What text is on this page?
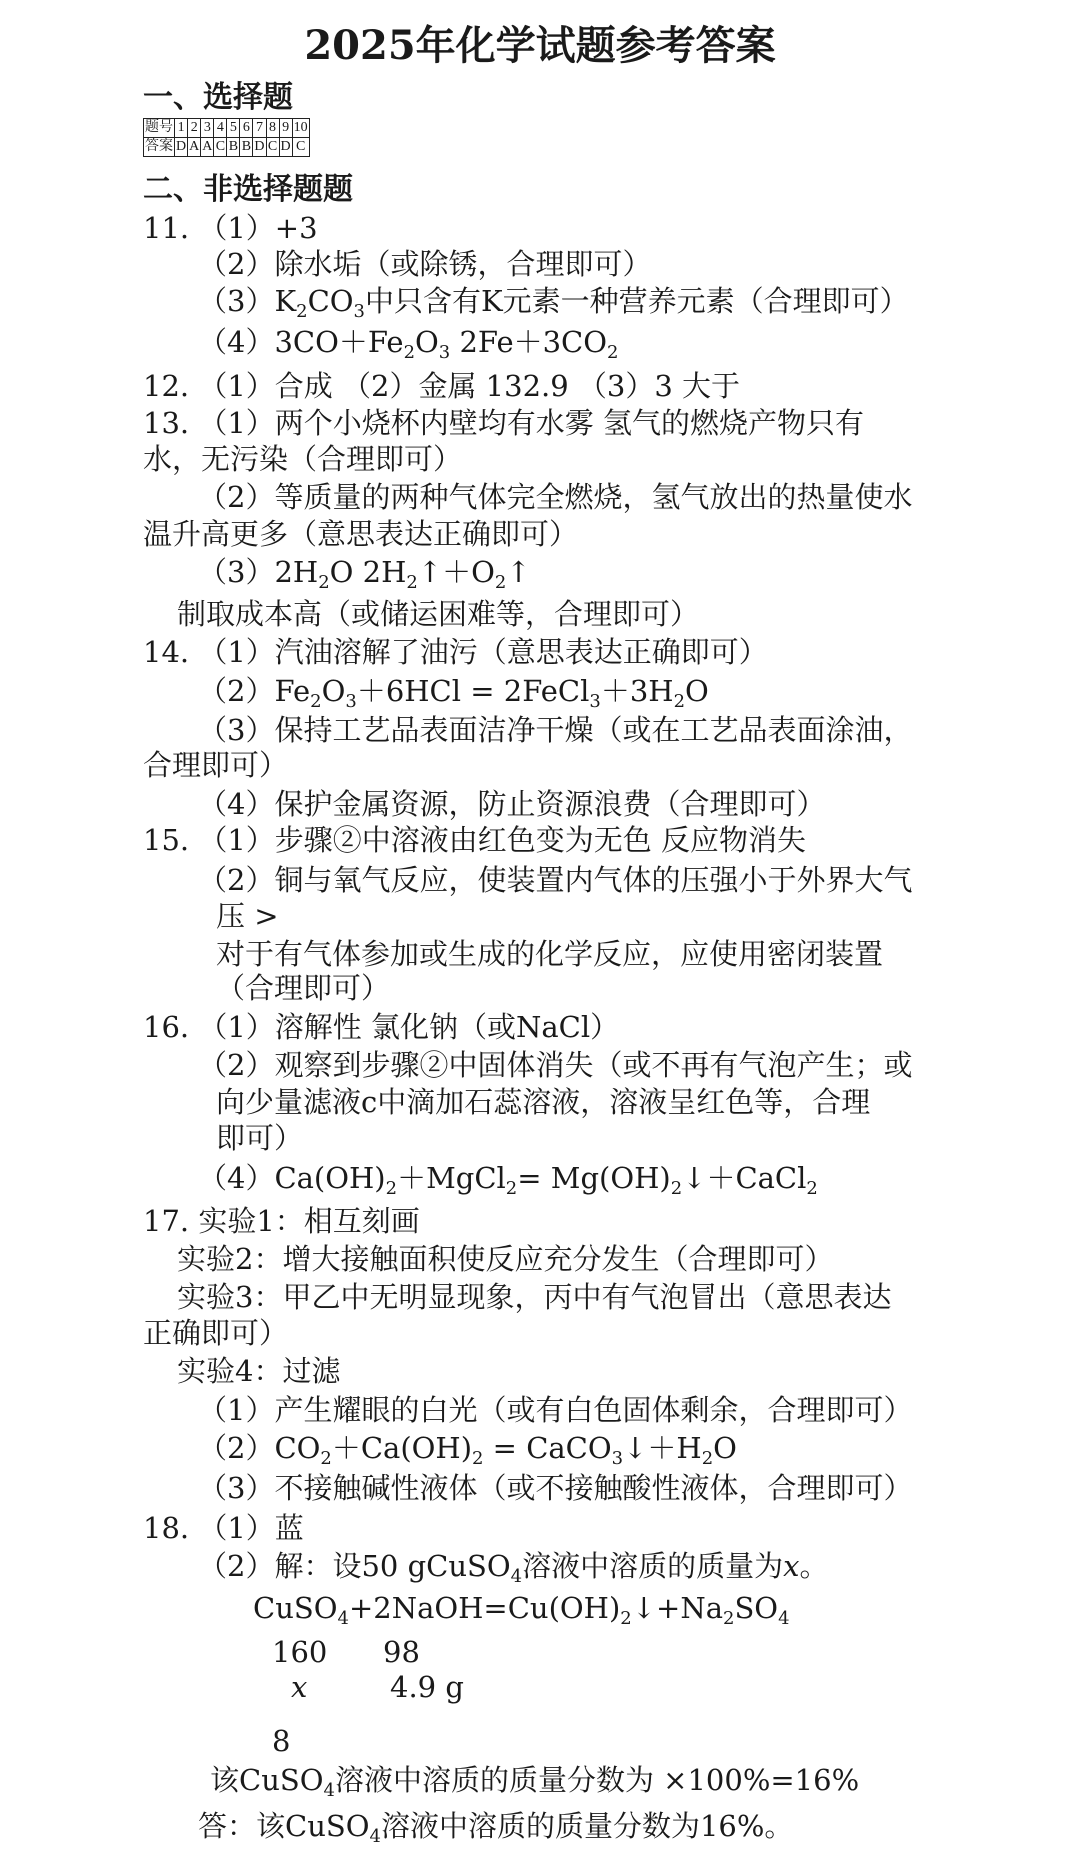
2025年化学试题参考答案
一、选择题
题号	1	2	3	4	5	6	7	8	9	10
答案	D	A	A	C	B	B	D	C	D	C
二、非选择题题
11. （1）+3
（2）除水垢（或除锈，合理即可）
$(3)K_2CO_3$中只含有K元素一种营养元素（合理即可）
$(4)3CO+Fe_2O_3$ $2Fe+3CO_2$
12. （1）合成 （2）金属 132.9 （3）3 大于
13. （1）两个小烧杯内壁均有水雾 氢气的燃烧产物只有
水，无污染（合理即可）
（2）等质量的两种气体完全燃烧，氢气放出的热量使水
温升高更多（意思表达正确即可）
$(3)2H_2O$ $2H_2↑+O_2↑$
制取成本高（或储运困难等，合理即可）
14. （1）汽油溶解了油污（意思表达正确即可）
$(2)Fe_2O_3+6HCl$ = $2FeCl_3+3H_2O$
（3）保持工艺品表面洁净干燥（或在工艺品表面涂油，
合理即可）
（4）保护金属资源，防止资源浪费（合理即可）
15. （1）步骤②中溶液由红色变为无色 反应物消失
（2）铜与氧气反应，使装置内气体的压强小于外界大气
压 >
对于有气体参加或生成的化学反应，应使用密闭装置
（合理即可）
16. （1）溶解性 氯化钠（或NaCl）
（2）观察到步骤②中固体消失（或不再有气泡产生；或
向少量滤液c中滴加石蕊溶液，溶液呈红色等，合理
即可）
$(4)Ca(OH)_2+MgCl_2=$ $Mg(OH)_2↓+CaCl_2$
17. 实验1：相互刻画
实验2：增大接触面积使反应充分发生（合理即可）
实验3：甲乙中无明显现象，丙中有气泡冒出（意思表达
正确即可）
实验4：过滤
（1）产生耀眼的白光（或有白色固体剩余，合理即可）
$(2)CO_2+Ca(OH)_2$ = $CaCO_3↓+H_2O$
（3）不接触碱性液体（或不接触酸性液体，合理即可）
18. （1）蓝
（2）解：设50 gCuSO$_4$溶液中溶质的质量为x。
$CuSO_4+2NaOH=Cu(OH)_2↓+Na_2SO_4$
160 98
x	4.9 g
8
该CuSO$_4$溶液中溶质的质量分数为 ×100%=16%
答：该CuSO$_4$溶液中溶质的质量分数为16%。
